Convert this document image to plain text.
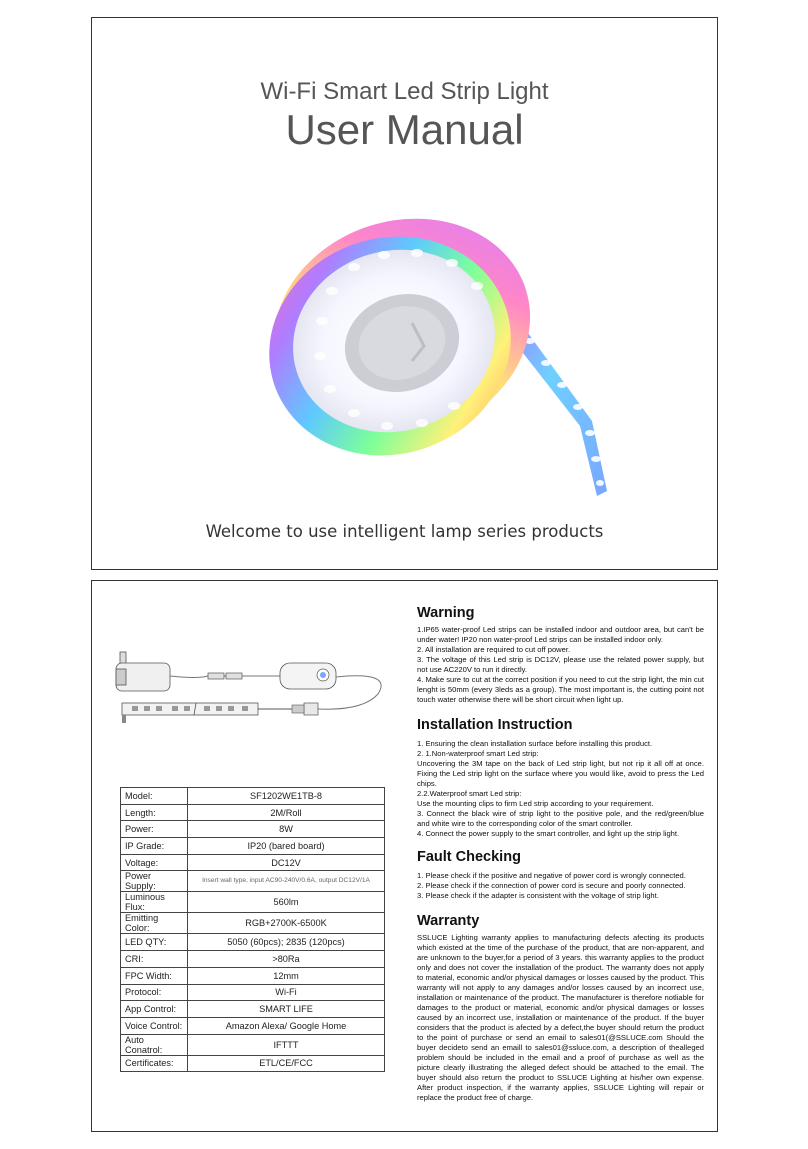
Wi-Fi Smart Led Strip Light
User Manual
Welcome to use intelligent lamp series products
Model:	SF1202WE1TB-8
Length:	2M/Roll
Power:	8W
IP Grade:	IP20 (bared board)
Voltage:	DC12V
Power Supply:	Insert wall type, input AC90-240V/0.6A, output DC12V/1A
Luminous Flux:	560lm
Emitting Color:	RGB+2700K-6500K
LED QTY:	5050 (60pcs); 2835 (120pcs)
CRI:	>80Ra
FPC Width:	12mm
Protocol:	Wi-Fi
App Control:	SMART LIFE
Voice Control:	Amazon Alexa/ Google Home
Auto Conatrol:	IFTTT
Certificates:	ETL/CE/FCC
Warning

1.IP65 water-proof Led strips can be installed indoor and outdoor area, but can't be under water! IP20 non water-proof Led strips can be installed indoor only.

2. All installation are required to cut off power.

3. The voltage of this Led strip is DC12V, please use the related power supply, but not use AC220V to run it directly.

4. Make sure to cut at the correct position if you need to cut the strip light, the min cut lenght is 50mm (every 3leds as a group). The most important is, the cutting point not touch water otherwise there will be short circuit when light up.

Installation Instruction

1. Ensuring the clean installation surface before installing this product.

2. 1.Non-waterproof smart Led strip:

Uncovering the 3M tape on the back of Led strip light, but not rip it all off at once. Fixing the Led strip light on the surface where you would like, avoid to press the Led chips.

2.2.Waterproof smart Led strip:

Use the mounting clips to firm Led strip according to your requirement.

3. Connect the black wire of strip light to the positive pole, and the red/green/blue and white wire to the corresponding color of the smart controller.

4. Connect the power supply to the smart controller, and light up the strip light.

Fault Checking

1. Please check if the positive and negative of power cord is wrongly connected.

2. Please check if the connection of power cord is secure and poorly connected.

3. Please check if the adapter is consistent with the voltage of strip light.

Warranty

SSLUCE Lighting warranty applies to manufacturing defects afecting its products which existed at the time of the purchase of the product, that are non-apparent, and are unknown to the buyer,for a period of 3 years. this warranty applies to the product only and does not cover the installation of the product. The warranty does not apply to material, economic and/or physical damages or losses caused by the product. This warranty will not apply to any damages and/or losses caused by an incorrect use, installation or maintenance of the product. The manufacturer is therefore notliable for damages to the product or material, economic and/or physical damages or losses caused by an incorrect use, installation or maintenance of the product. If the buyer considers that the product is afected by a defect,the buyer should return the product to the point of purchase or send an email to sales01(@SSLUCE.com Should the buyer decideto send an emaill to sales01@ssluce.com, a description of thealleged problem should be included in the email and a proof of purchase as well as the picture clearly illustrating the alleged defect should be attached to the email. The buyer should also return the product to SSLUCE Lighting at his/her own expense. After product inspection, if the warranty applies, SSLUCE Lighting will repair or replace the product free of charge.
